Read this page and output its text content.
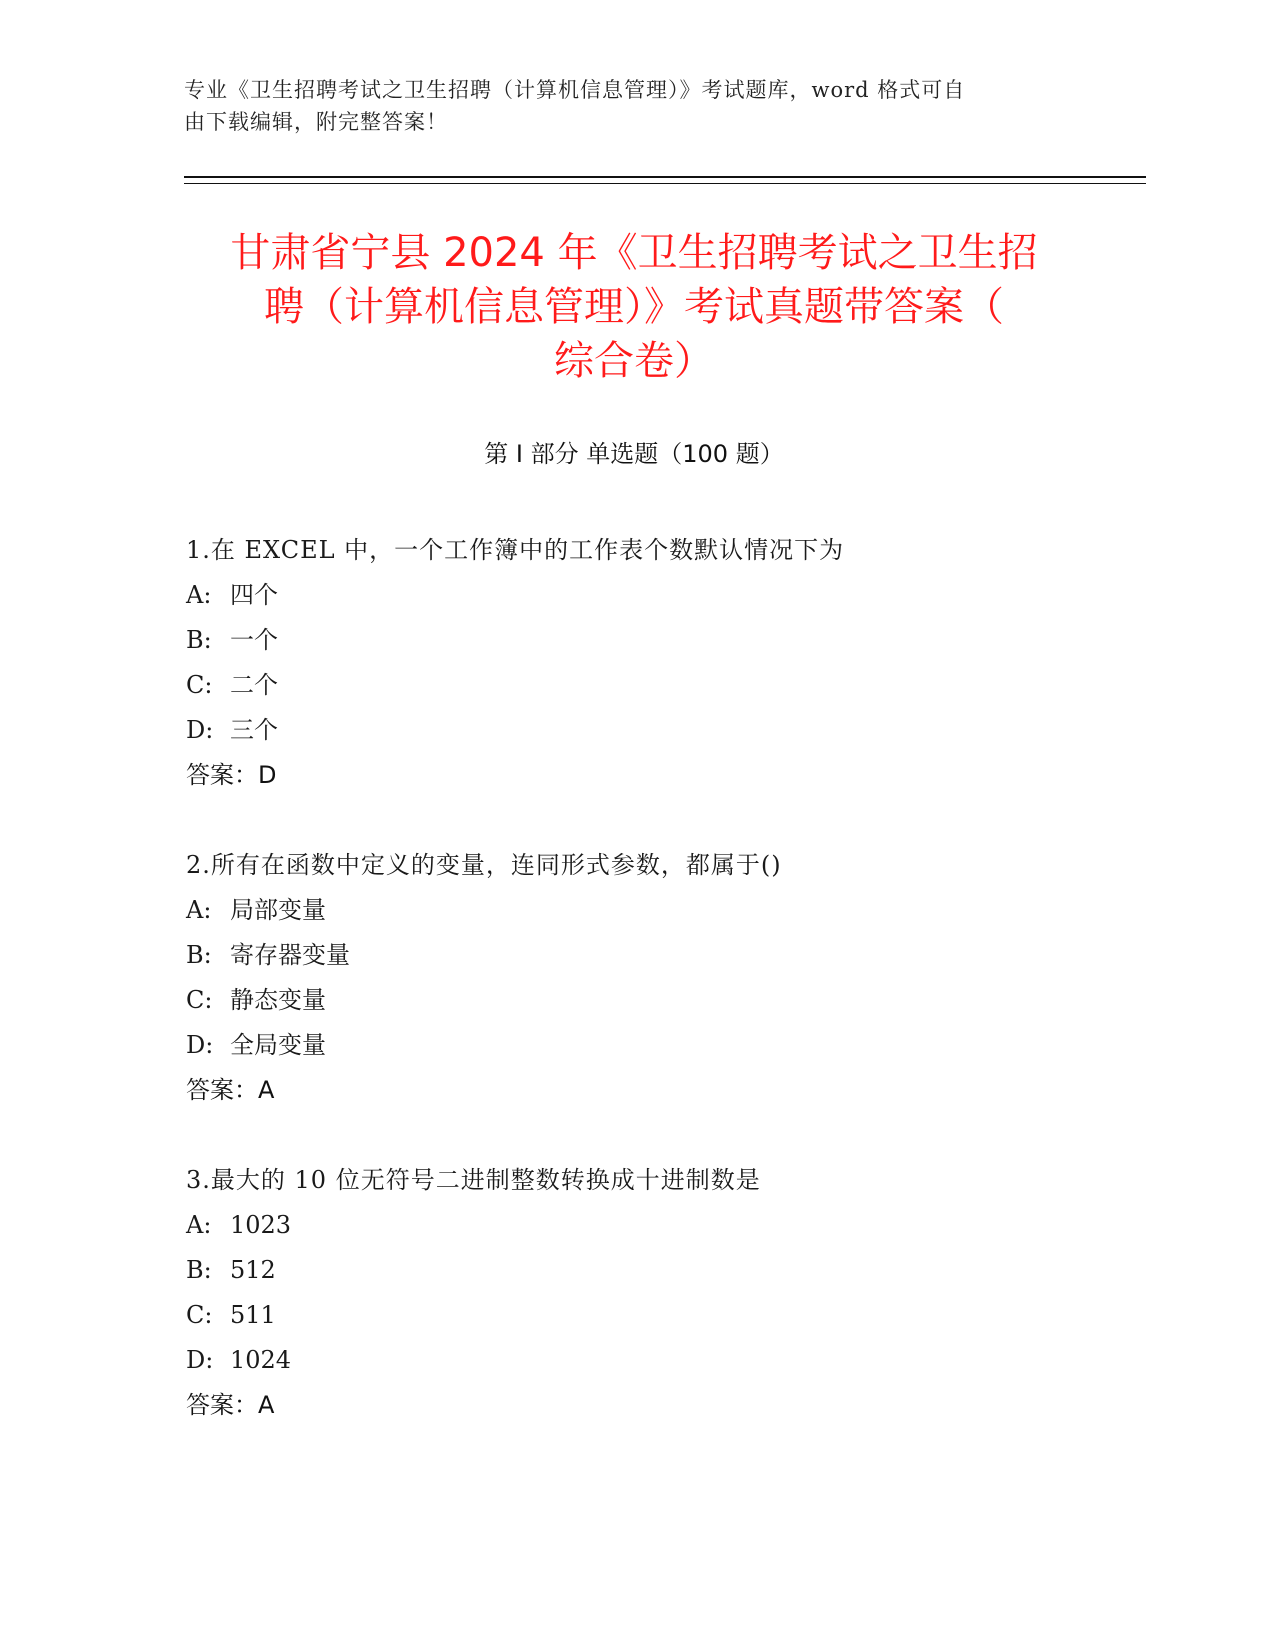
专业《卫生招聘考试之卫生招聘（计算机信息管理）》考试题库，word 格式可自
由下载编辑，附完整答案！
甘肃省宁县 2024 年《卫生招聘考试之卫生招
聘（计算机信息管理）》考试真题带答案（
综合卷）
第 I 部分 单选题（100 题）
1.在 EXCEL 中，一个工作簿中的工作表个数默认情况下为
A: 四个
B: 一个
C: 二个
D: 三个
答案：D
2.所有在函数中定义的变量，连同形式参数，都属于()
A: 局部变量
B: 寄存器变量
C: 静态变量
D: 全局变量
答案：A
3.最大的 10 位无符号二进制整数转换成十进制数是
A: 1023
B: 512
C: 511
D: 1024
答案：A
